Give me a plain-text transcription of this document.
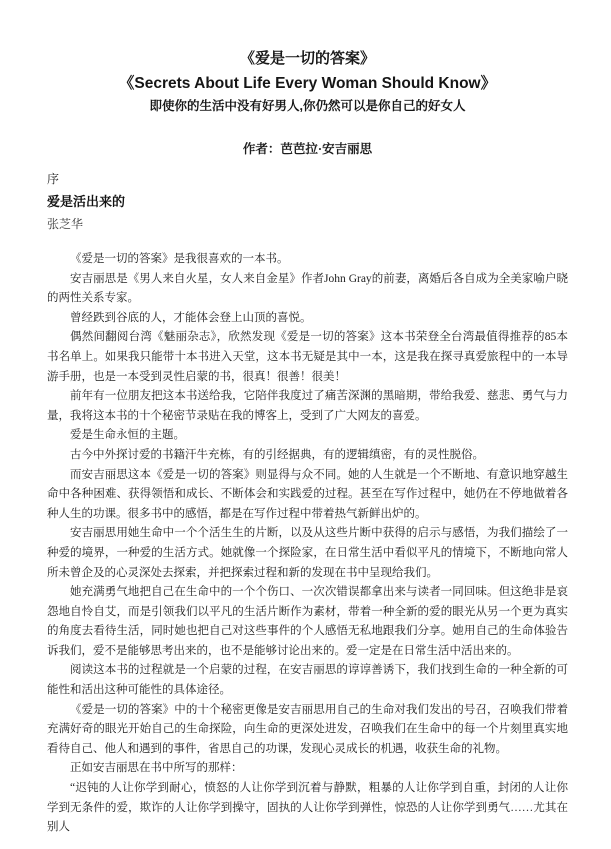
《爱是一切的答案》
《Secrets About Life Every Woman Should Know》
即使你的生活中没有好男人,你仍然可以是你自己的好女人
作者：芭芭拉·安吉丽思
序
爱是活出来的
张芝华

《爱是一切的答案》是我很喜欢的一本书。

安吉丽思是《男人来自火星，女人来自金星》作者John Gray的前妻，离婚后各自成为全美家喻户晓的两性关系专家。

曾经跌到谷底的人，才能体会登上山顶的喜悦。

偶然间翻阅台湾《魅丽杂志》，欣然发现《爱是一切的答案》这本书荣登全台湾最值得推荐的85本书名单上。如果我只能带十本书进入天堂，这本书无疑是其中一本，这是我在探寻真爱旅程中的一本导游手册，也是一本受到灵性启蒙的书，很真！很善！很美！

前年有一位朋友把这本书送给我，它陪伴我度过了痛苦深渊的黑暗期，带给我爱、慈悲、勇气与力量，我将这本书的十个秘密节录贴在我的博客上，受到了广大网友的喜爱。

爱是生命永恒的主题。

古今中外探讨爱的书籍汗牛充栋，有的引经据典，有的逻辑缜密，有的灵性脱俗。

而安吉丽思这本《爱是一切的答案》则显得与众不同。她的人生就是一个不断地、有意识地穿越生命中各种困难、获得领悟和成长、不断体会和实践爱的过程。甚至在写作过程中，她仍在不停地做着各种人生的功课。很多书中的感悟，都是在写作过程中带着热气新鲜出炉的。

安吉丽思用她生命中一个个活生生的片断，以及从这些片断中获得的启示与感悟，为我们描绘了一种爱的境界，一种爱的生活方式。她就像一个探险家，在日常生活中看似平凡的情境下，不断地向常人所未曾企及的心灵深处去探索，并把探索过程和新的发现在书中呈现给我们。

她充满勇气地把自己在生命中的一个个伤口、一次次错误都拿出来与读者一同回味。但这绝非是哀怨地自怜自艾，而是引领我们以平凡的生活片断作为素材，带着一种全新的爱的眼光从另一个更为真实的角度去看待生活，同时她也把自己对这些事件的个人感悟无私地跟我们分享。她用自己的生命体验告诉我们，爱不是能够思考出来的，也不是能够讨论出来的。爱一定是在日常生活中活出来的。

阅读这本书的过程就是一个启蒙的过程，在安吉丽思的谆谆善诱下，我们找到生命的一种全新的可能性和活出这种可能性的具体途径。

《爱是一切的答案》中的十个秘密更像是安吉丽思用自己的生命对我们发出的号召，召唤我们带着充满好奇的眼光开始自己的生命探险，向生命的更深处进发，召唤我们在生命中的每一个片刻里真实地看待自己、他人和遇到的事件，省思自己的功课，发现心灵成长的机遇，收获生命的礼物。

正如安吉丽思在书中所写的那样：

“迟钝的人让你学到耐心，愤怒的人让你学到沉着与静默，粗暴的人让你学到自重，封闭的人让你学到无条件的爱，欺诈的人让你学到操守，固执的人让你学到弹性，惊恐的人让你学到勇气……尤其在别人
